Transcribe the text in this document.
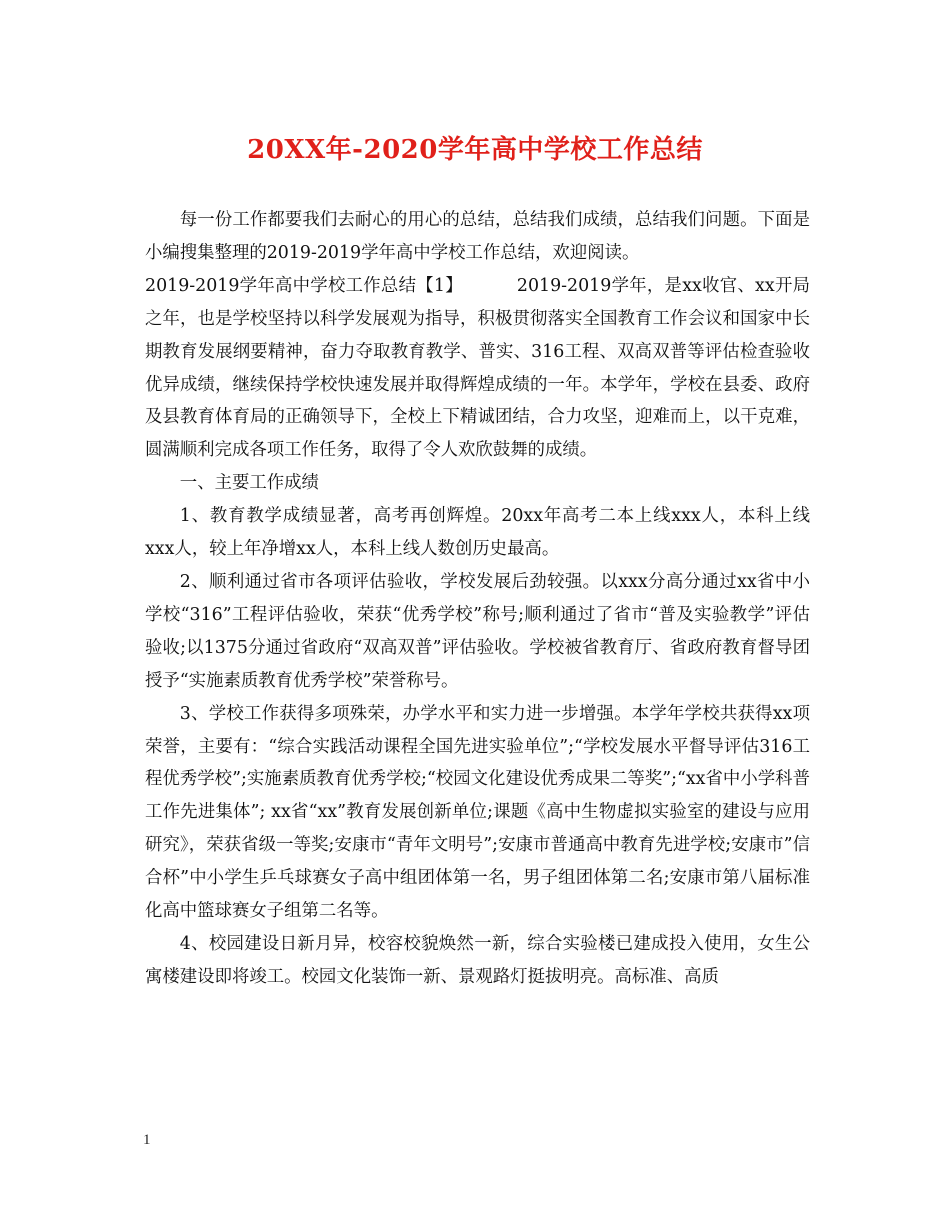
20XX年-2020学年高中学校工作总结

每一份工作都要我们去耐心的用心的总结，总结我们成绩，总结我们问题。下面是小编搜集整理的2019-2019学年高中学校工作总结，欢迎阅读。

2019-2019学年高中学校工作总结【1】	2019-2019学年，是xx收官、xx开局之年，也是学校坚持以科学发展观为指导，积极贯彻落实全国教育工作会议和国家中长期教育发展纲要精神，奋力夺取教育教学、普实、316工程、双高双普等评估检查验收优异成绩，继续保持学校快速发展并取得辉煌成绩的一年。本学年，学校在县委、政府及县教育体育局的正确领导下，全校上下精诚团结，合力攻坚，迎难而上，以干克难，圆满顺利完成各项工作任务，取得了令人欢欣鼓舞的成绩。

一、主要工作成绩

1、教育教学成绩显著，高考再创辉煌。20xx年高考二本上线xxx人，本科上线xxx人，较上年净增xx人，本科上线人数创历史最高。

2、顺利通过省市各项评估验收，学校发展后劲较强。以xxx分高分通过xx省中小学校“316”工程评估验收，荣获“优秀学校”称号;顺利通过了省市“普及实验教学”评估验收;以1375分通过省政府“双高双普”评估验收。学校被省教育厅、省政府教育督导团授予“实施素质教育优秀学校”荣誉称号。

3、学校工作获得多项殊荣，办学水平和实力进一步增强。本学年学校共获得xx项荣誉，主要有：“综合实践活动课程全国先进实验单位”;“学校发展水平督导评估316工程优秀学校”;实施素质教育优秀学校;“校园文化建设优秀成果二等奖”;“xx省中小学科普工作先进集体”; xx省“xx”教育发展创新单位;课题《高中生物虚拟实验室的建设与应用研究》，荣获省级一等奖;安康市“青年文明号”;安康市普通高中教育先进学校;安康市”信合杯”中小学生乒乓球赛女子高中组团体第一名，男子组团体第二名;安康市第八届标准化高中篮球赛女子组第二名等。

4、校园建设日新月异，校容校貌焕然一新，综合实验楼已建成投入使用，女生公寓楼建设即将竣工。校园文化装饰一新、景观路灯挺拔明亮。高标准、高质

1
